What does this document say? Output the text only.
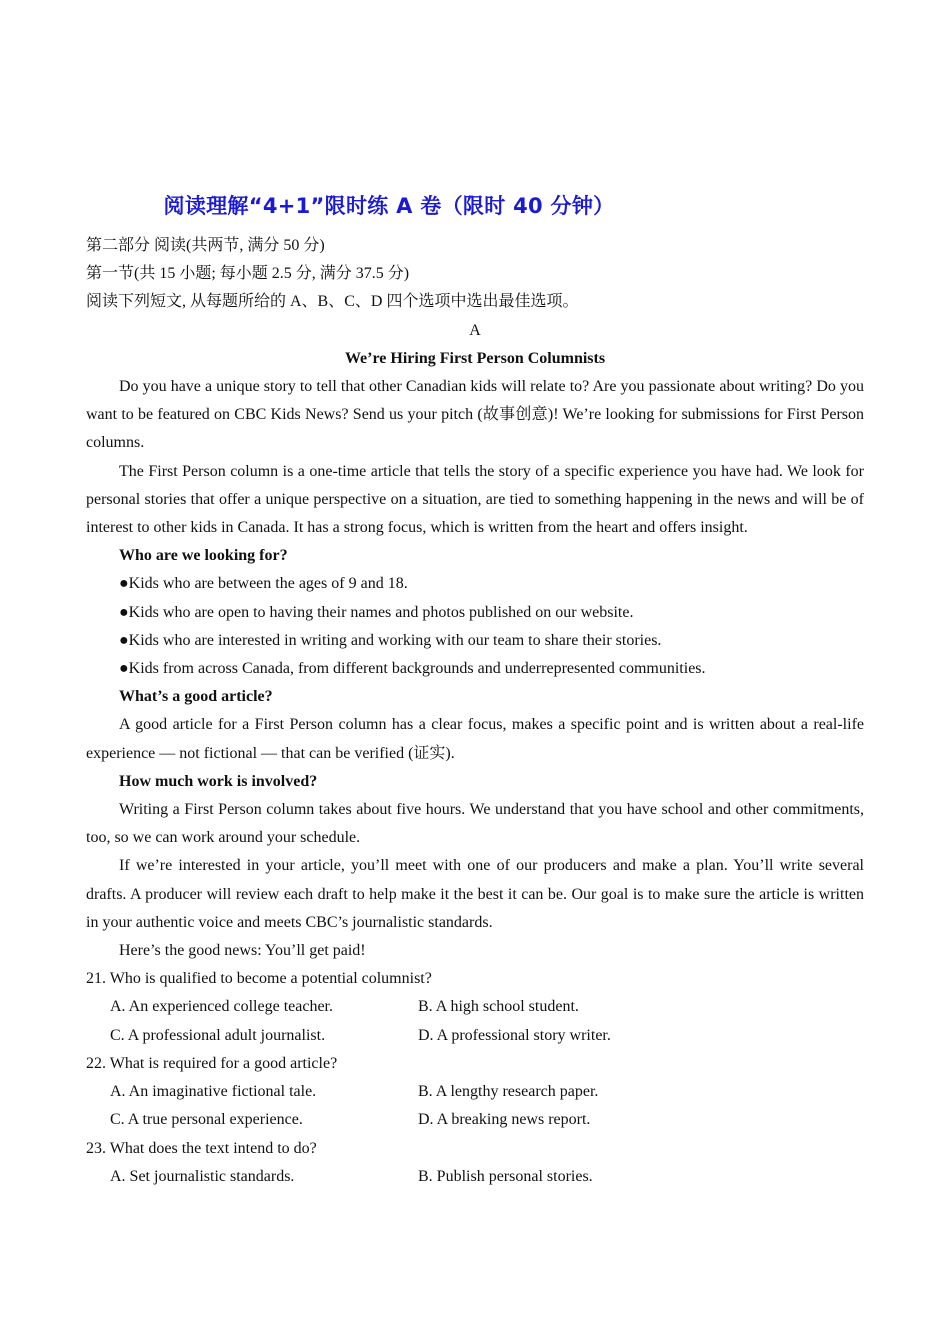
阅读理解“4+1”限时练 A 卷（限时 40 分钟）
第二部分 阅读(共两节, 满分 50 分)
第一节(共 15 小题; 每小题 2.5 分, 满分 37.5 分)
阅读下列短文, 从每题所给的 A、B、C、D 四个选项中选出最佳选项。
A
We’re Hiring First Person Columnists

Do you have a unique story to tell that other Canadian kids will relate to? Are you passionate about writing? Do you want to be featured on CBC Kids News? Send us your pitch (故事创意)! We’re looking for submissions for First Person columns.

The First Person column is a one-time article that tells the story of a specific experience you have had. We look for personal stories that offer a unique perspective on a situation, are tied to something happening in the news and will be of interest to other kids in Canada. It has a strong focus, which is written from the heart and offers insight.

Who are we looking for?
●Kids who are between the ages of 9 and 18.
●Kids who are open to having their names and photos published on our website.
●Kids who are interested in writing and working with our team to share their stories.
●Kids from across Canada, from different backgrounds and underrepresented communities.
What’s a good article?

A good article for a First Person column has a clear focus, makes a specific point and is written about a real-life experience — not fictional — that can be verified (证实).

How much work is involved?

Writing a First Person column takes about five hours. We understand that you have school and other commitments, too, so we can work around your schedule.

If we’re interested in your article, you’ll meet with one of our producers and make a plan. You’ll write several drafts. A producer will review each draft to help make it the best it can be. Our goal is to make sure the article is written in your authentic voice and meets CBC’s journalistic standards.

Here’s the good news: You’ll get paid!

21. Who is qualified to become a potential columnist?
A. An experienced college teacher.	B. A high school student.
C. A professional adult journalist.	D. A professional story writer.
22. What is required for a good article?
A. An imaginative fictional tale.	B. A lengthy research paper.
C. A true personal experience.	D. A breaking news report.
23. What does the text intend to do?
A. Set journalistic standards.	B. Publish personal stories.
